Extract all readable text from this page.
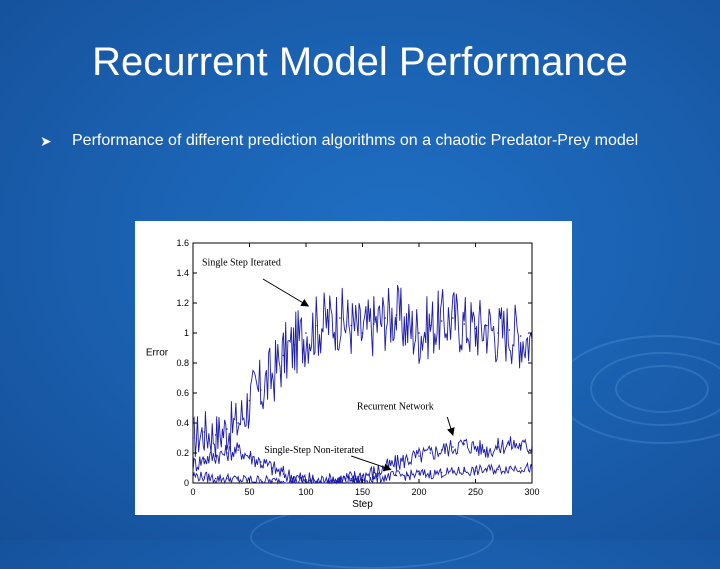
Recurrent Model Performance
➤ Performance of different prediction algorithms on a chaotic Predator-Prey model
0	50	100	150	200	250	300
0
0.2
0.4
0.6
0.8
1
1.2
1.4
1.6
Single Step Iterated
Recurrent Network
Single-Step Non-iterated
Step
Error
